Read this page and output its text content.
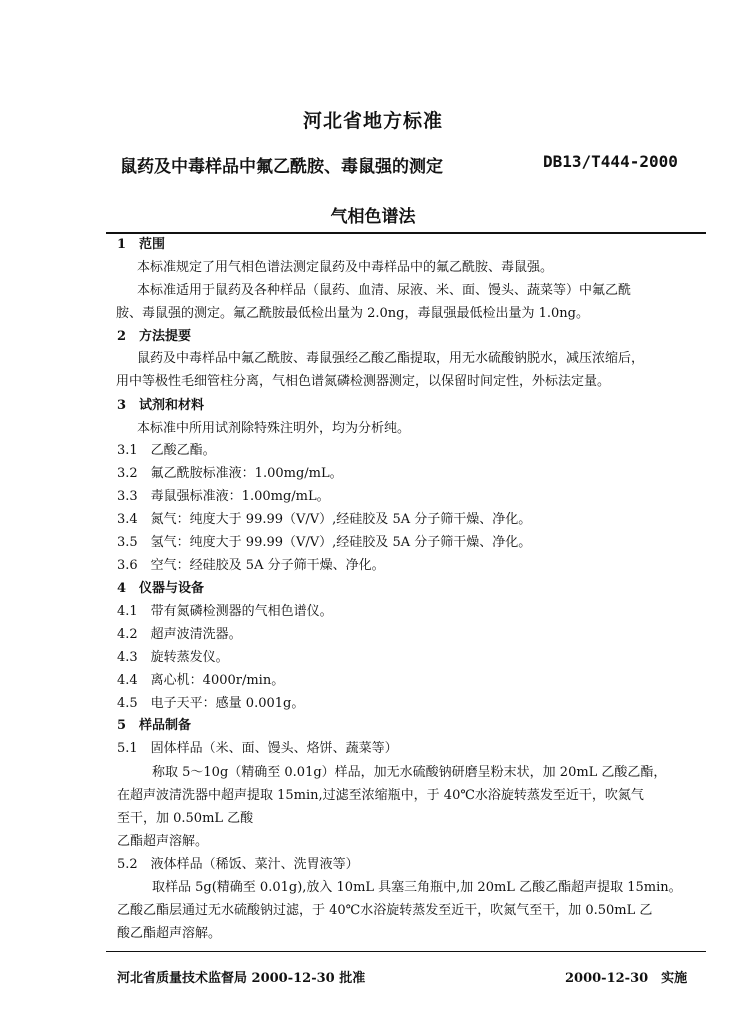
河北省地方标准
鼠药及中毒样品中氟乙酰胺、毒鼠强的测定	DB13/T444-2000
气相色谱法
1　范围
本标准规定了用气相色谱法测定鼠药及中毒样品中的氟乙酰胺、毒鼠强。
本标准适用于鼠药及各种样品（鼠药、血清、尿液、米、面、馒头、蔬菜等）中氟乙酰
胺、毒鼠强的测定。氟乙酰胺最低检出量为 2.0ng，毒鼠强最低检出量为 1.0ng。
2　方法提要
鼠药及中毒样品中氟乙酰胺、毒鼠强经乙酸乙酯提取，用无水硫酸钠脱水，减压浓缩后，
用中等极性毛细管柱分离，气相色谱氮磷检测器测定，以保留时间定性，外标法定量。
3　试剂和材料
本标准中所用试剂除特殊注明外，均为分析纯。
3.1　乙酸乙酯。
3.2　氟乙酰胺标准液：1.00mg/mL。
3.3　毒鼠强标准液：1.00mg/mL。
3.4　氮气：纯度大于 99.99（V/V）,经硅胶及 5A 分子筛干燥、净化。
3.5　氢气：纯度大于 99.99（V/V）,经硅胶及 5A 分子筛干燥、净化。
3.6　空气：经硅胶及 5A 分子筛干燥、净化。
4　仪器与设备
4.1　带有氮磷检测器的气相色谱仪。
4.2　超声波清洗器。
4.3　旋转蒸发仪。
4.4　离心机：4000r/min。
4.5　电子天平：感量 0.001g。
5　样品制备
5.1　固体样品（米、面、馒头、烙饼、蔬菜等）
称取 5～10g（精确至 0.01g）样品，加无水硫酸钠研磨呈粉末状，加 20mL 乙酸乙酯，
在超声波清洗器中超声提取 15min,过滤至浓缩瓶中，于 40℃水浴旋转蒸发至近干，吹氮气
至干，加 0.50mL 乙酸
乙酯超声溶解。
5.2　液体样品（稀饭、菜汁、洗胃液等）
取样品 5g(精确至 0.01g),放入 10mL 具塞三角瓶中,加 20mL 乙酸乙酯超声提取 15min。
乙酸乙酯层通过无水硫酸钠过滤，于 40℃水浴旋转蒸发至近干，吹氮气至干，加 0.50mL 乙
酸乙酯超声溶解。
河北省质量技术监督局 2000-12-30 批准	2000-12-30　实施
